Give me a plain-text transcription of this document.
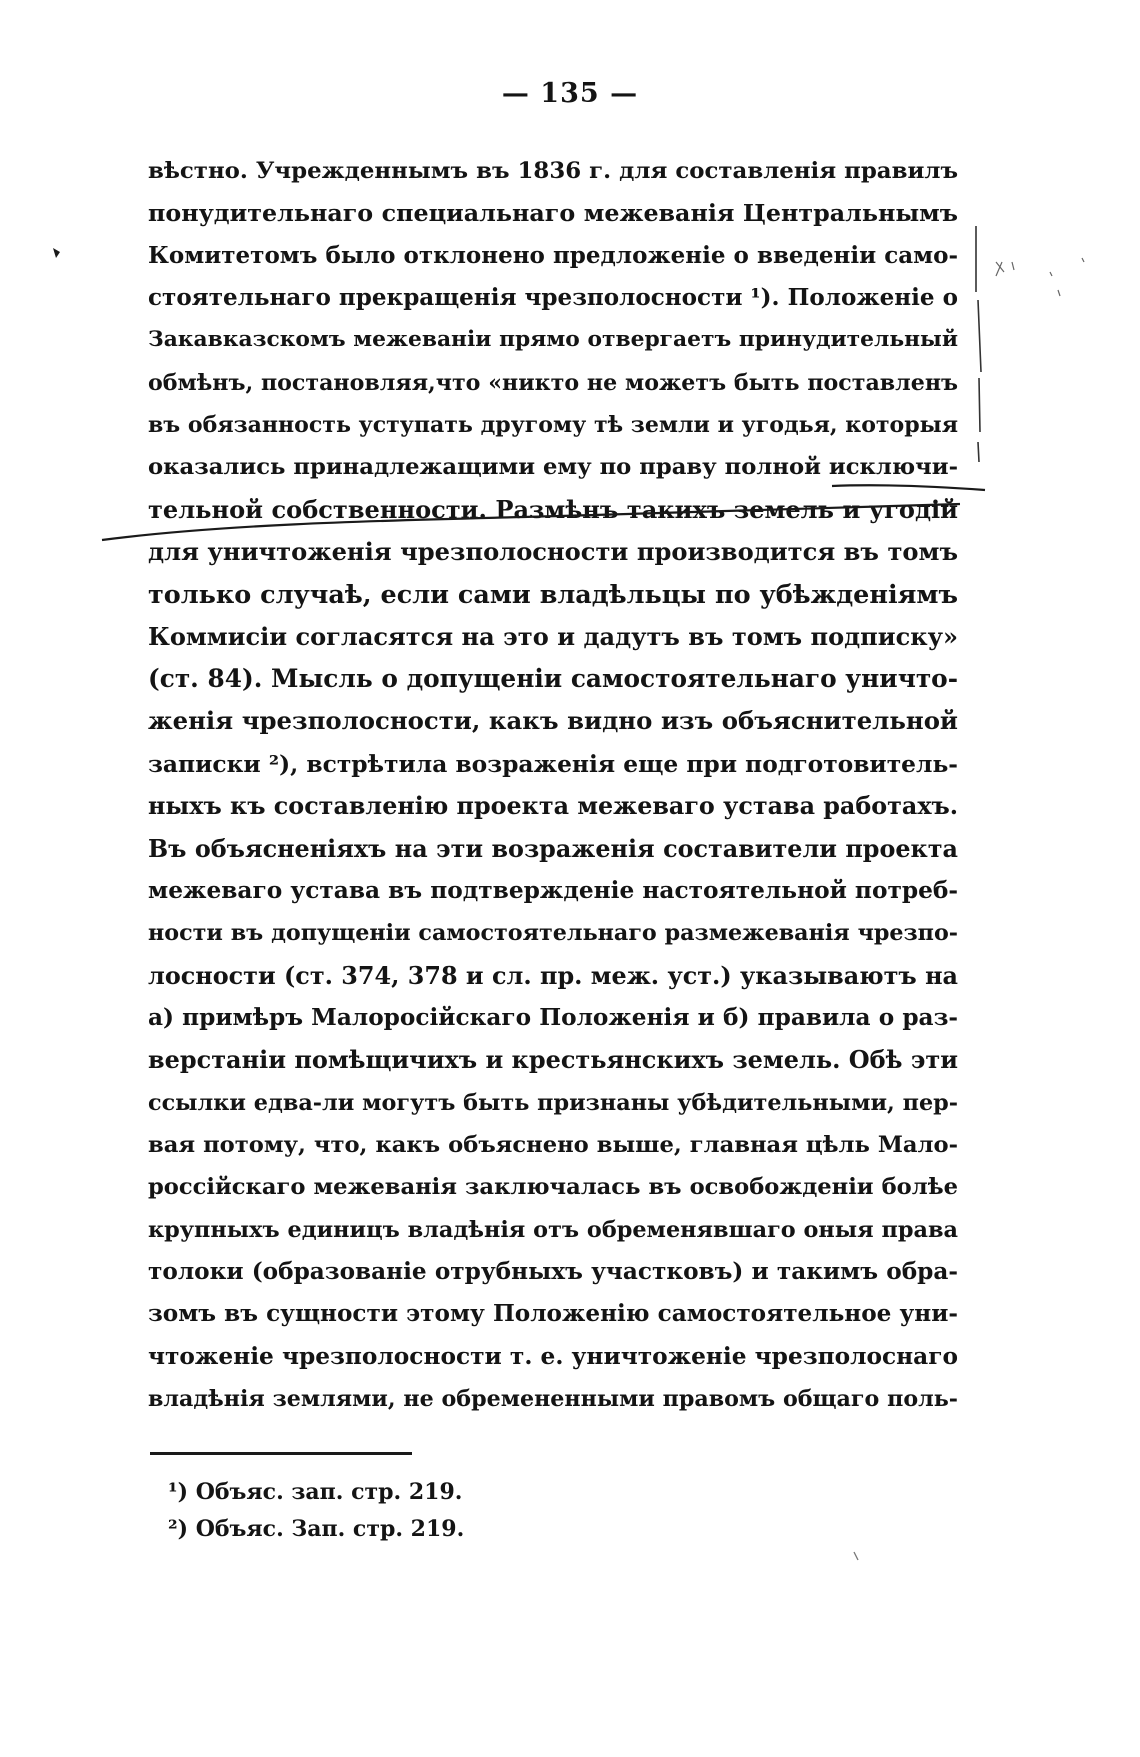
— 135 —
вѣстно. Учрежденнымъ въ 1836 г. для составленія правилъ
понудительнаго специальнаго межеванія Центральнымъ
Комитетомъ было отклонено предложеніе о введеніи само-
стоятельнаго прекращенія чрезполосности ¹). Положеніе о
Закавказскомъ межеваніи прямо отвергаетъ принудительный
обмѣнъ, постановляя,что «никто не можетъ быть поставленъ
въ обязанность уступать другому тѣ земли и угодья, которыя
оказались принадлежащими ему по праву полной исключи-
тельной собственности. Размѣнъ такихъ земель и угодій
для уничтоженія чрезполосности производится въ томъ
только случаѣ, если сами владѣльцы по убѣжденіямъ
Коммисіи согласятся на это и дадутъ въ томъ подписку»
(ст. 84). Мысль о допущеніи самостоятельнаго уничто-
женія чрезполосности, какъ видно изъ объяснительной
записки ²), встрѣтила возраженія еще при подготовитель-
ныхъ къ составленію проекта межеваго устава работахъ.
Въ объясненіяхъ на эти возраженія составители проекта
межеваго устава въ подтвержденіе настоятельной потреб-
ности въ допущеніи самостоятельнаго размежеванія чрезпо-
лосности (ст. 374, 378 и сл. пр. меж. уст.) указываютъ на
а) примѣръ Малоросійскаго Положенія и б) правила о раз-
верстаніи помѣщичихъ и крестьянскихъ земель. Обѣ эти
ссылки едва-ли могутъ быть признаны убѣдительными, пер-
вая потому, что, какъ объяснено выше, главная цѣль Мало-
россійскаго межеванія заключалась въ освобожденіи болѣе
крупныхъ единицъ владѣнія отъ обременявшаго оныя права
толоки (образованіе отрубныхъ участковъ) и такимъ обра-
зомъ въ сущности этому Положенію самостоятельное уни-
чтоженіе чрезполосности т. е. уничтоженіе чрезполоснаго
владѣнія землями, не обремененными правомъ общаго поль-
¹) Объяс. зап. стр. 219.
²) Объяс. Зап. стр. 219.
